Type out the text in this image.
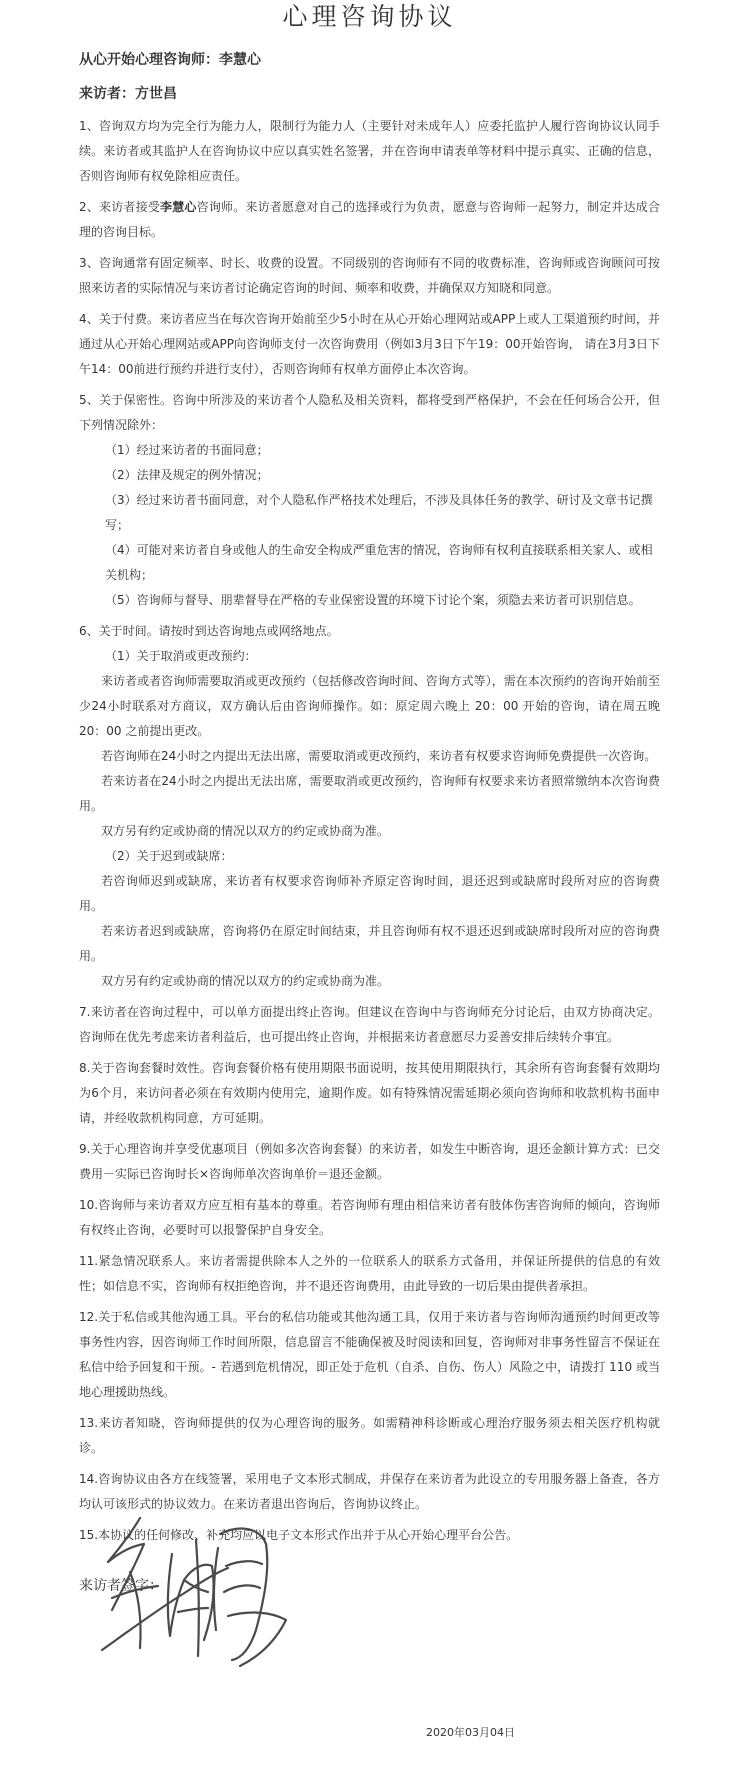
心理咨询协议

从心开始心理咨询师：李慧心

来访者：方世昌

1、咨询双方均为完全行为能力人，限制行为能力人（主要针对未成年人）应委托监护人履行咨询协议认同手续。来访者或其监护人在咨询协议中应以真实姓名签署，并在咨询申请表单等材料中提示真实、正确的信息，否则咨询师有权免除相应责任。

2、来访者接受李慧心咨询师。来访者愿意对自己的选择或行为负责，愿意与咨询师一起努力，制定并达成合理的咨询目标。

3、咨询通常有固定频率、时长、收费的设置。不同级别的咨询师有不同的收费标准，咨询师或咨询顾问可按照来访者的实际情况与来访者讨论确定咨询的时间、频率和收费，并确保双方知晓和同意。

4、关于付费。来访者应当在每次咨询开始前至少5小时在从心开始心理网站或APP上或人工渠道预约时间，并通过从心开始心理网站或APP向咨询师支付一次咨询费用（例如3月3日下午19：00开始咨询， 请在3月3日下午14：00前进行预约并进行支付），否则咨询师有权单方面停止本次咨询。

5、关于保密性。咨询中所涉及的来访者个人隐私及相关资料，都将受到严格保护，不会在任何场合公开，但下列情况除外：

（1）经过来访者的书面同意；

（2）法律及规定的例外情况；

（3）经过来访者书面同意，对个人隐私作严格技术处理后，不涉及具体任务的教学、研讨及文章书记撰写；

（4）可能对来访者自身或他人的生命安全构成严重危害的情况，咨询师有权利直接联系相关家人、或相关机构；

（5）咨询师与督导、朋辈督导在严格的专业保密设置的环境下讨论个案，须隐去来访者可识别信息。

6、关于时间。请按时到达咨询地点或网络地点。

（1）关于取消或更改预约：

来访者或者咨询师需要取消或更改预约（包括修改咨询时间、咨询方式等），需在本次预约的咨询开始前至少24小时联系对方商议，双方确认后由咨询师操作。如：原定周六晚上 20：00 开始的咨询，请在周五晚 20：00 之前提出更改。

若咨询师在24小时之内提出无法出席，需要取消或更改预约，来访者有权要求咨询师免费提供一次咨询。

若来访者在24小时之内提出无法出席，需要取消或更改预约，咨询师有权要求来访者照常缴纳本次咨询费用。

双方另有约定或协商的情况以双方的约定或协商为准。

（2）关于迟到或缺席：

若咨询师迟到或缺席，来访者有权要求咨询师补齐原定咨询时间，退还迟到或缺席时段所对应的咨询费用。

若来访者迟到或缺席，咨询将仍在原定时间结束，并且咨询师有权不退还迟到或缺席时段所对应的咨询费用。

双方另有约定或协商的情况以双方的约定或协商为准。

7.来访者在咨询过程中，可以单方面提出终止咨询。但建议在咨询中与咨询师充分讨论后，由双方协商决定。咨询师在优先考虑来访者利益后，也可提出终止咨询，并根据来访者意愿尽力妥善安排后续转介事宜。

8.关于咨询套餐时效性。咨询套餐价格有使用期限书面说明，按其使用期限执行，其余所有咨询套餐有效期均为6个月，来访问者必须在有效期内使用完，逾期作废。如有特殊情况需延期必须向咨询师和收款机构书面申请，并经收款机构同意，方可延期。

9.关于心理咨询并享受优惠项目（例如多次咨询套餐）的来访者，如发生中断咨询，退还金额计算方式：已交费用－实际已咨询时长×咨询师单次咨询单价＝退还金额。

10.咨询师与来访者双方应互相有基本的尊重。若咨询师有理由相信来访者有肢体伤害咨询师的倾向，咨询师有权终止咨询，必要时可以报警保护自身安全。

11.紧急情况联系人。来访者需提供除本人之外的一位联系人的联系方式备用，并保证所提供的信息的有效性；如信息不实，咨询师有权拒绝咨询，并不退还咨询费用，由此导致的一切后果由提供者承担。

12.关于私信或其他沟通工具。平台的私信功能或其他沟通工具，仅用于来访者与咨询师沟通预约时间更改等事务性内容，因咨询师工作时间所限，信息留言不能确保被及时阅读和回复，咨询师对非事务性留言不保证在私信中给予回复和干预。- 若遇到危机情况，即正处于危机（自杀、自伤、伤人）风险之中，请拨打 110 或当地心理援助热线。

13.来访者知晓，咨询师提供的仅为心理咨询的服务。如需精神科诊断或心理治疗服务须去相关医疗机构就诊。

14.咨询协议由各方在线签署，采用电子文本形式制成，并保存在来访者为此设立的专用服务器上备查，各方均认可该形式的协议效力。在来访者退出咨询后，咨询协议终止。

15.本协议的任何修改、补充均应以电子文本形式作出并于从心开始心理平台公告。

来访者签字：

2020年03月04日
